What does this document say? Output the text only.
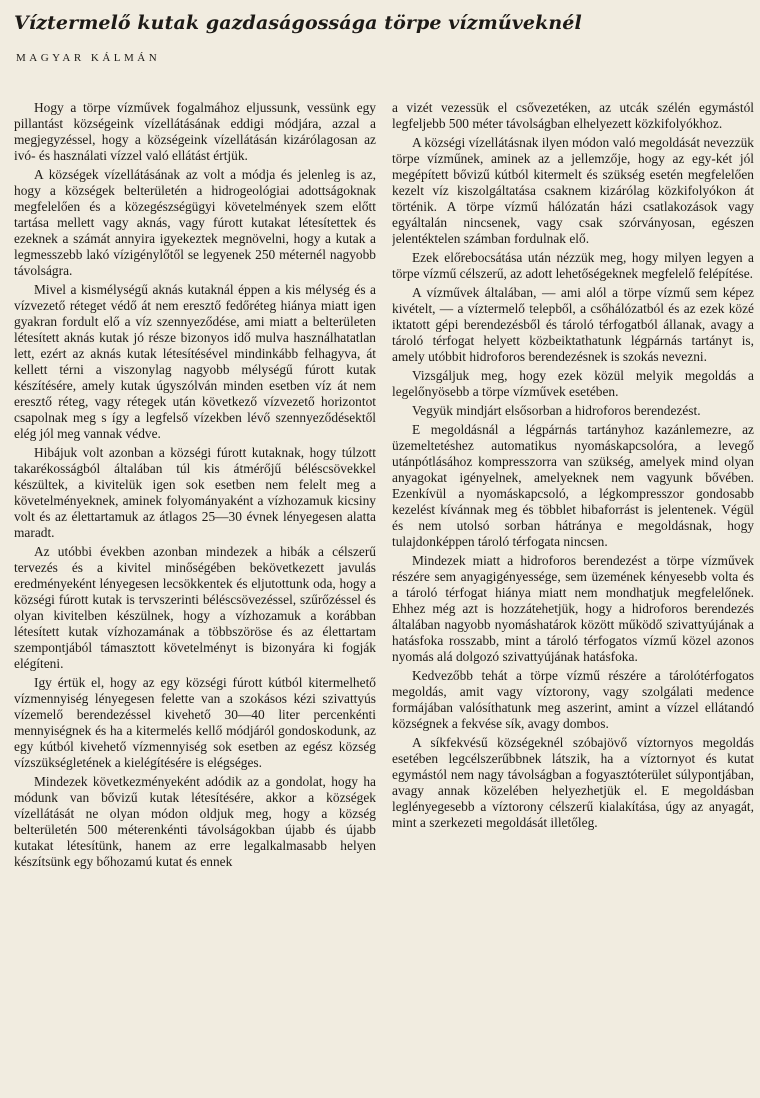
Víztermelő kutak gazdaságossága törpe vízműveknél
MAGYAR KÁLMÁN

Hogy a törpe vízművek fogalmához eljussunk, vessünk egy pillantást községeink vízellátásának eddigi módjára, azzal a megjegyzéssel, hogy a községeink vízellátásán kizárólagosan az ivó- és használati vízzel való ellátást értjük.

A községek vízellátásának az volt a módja és jelenleg is az, hogy a községek belterületén a hidrogeológiai adottságoknak megfelelően és a közegészségügyi követelmények szem előtt tartása mellett vagy aknás, vagy fúrott kutakat létesítettek és ezeknek a számát annyira igyekeztek megnövelni, hogy a kutak a legmesszebb lakó vízigénylőtől se legyenek 250 méternél nagyobb távolságra.

Mivel a kismélységű aknás kutaknál éppen a kis mélység és a vízvezető réteget védő át nem eresztő fedőréteg hiánya miatt igen gyakran fordult elő a víz szennyeződése, ami miatt a belterületen létesített aknás kutak jó része bizonyos idő mulva használhatatlan lett, ezért az aknás kutak létesítésével mindinkább felhagyva, át kellett térni a viszonylag nagyobb mélységű fúrott kutak készítésére, amely kutak úgyszólván minden esetben víz át nem eresztő réteg, vagy rétegek után következő vízvezető horizontot csapolnak meg s így a legfelső vízekben lévő szennyeződésektől elég jól meg vannak védve.

Hibájuk volt azonban a községi fúrott kutaknak, hogy túlzott takarékosságból általában túl kis átmérőjű béléscsövekkel készültek, a kivitelük igen sok esetben nem felelt meg a követelményeknek, aminek folyományaként a vízhozamuk kicsiny volt és az élettartamuk az átlagos 25—30 évnek lényegesen alatta maradt.

Az utóbbi években azonban mindezek a hibák a célszerű tervezés és a kivitel minőségében bekövetkezett javulás eredményeként lényegesen lecsökkentek és eljutottunk oda, hogy a községi fúrott kutak is tervszerinti béléscsövezéssel, szűrőzéssel és olyan kivitelben készülnek, hogy a vízhozamuk a korábban létesített kutak vízhozamának a többszöröse és az élettartam szempontjából támasztott követelményt is bizonyára ki fogják elégíteni.

Igy értük el, hogy az egy községi fúrott kútból kitermelhető vízmennyiség lényegesen felette van a szokásos kézi szivattyús vízemelő berendezéssel kivehető 30—40 liter percenkénti mennyiségnek és ha a kitermelés kellő módjáról gondoskodunk, az egy kútból kivehető vízmennyiség sok esetben az egész község vízszükségletének a kielégítésére is elégséges.

Mindezek következményeként adódik az a gondolat, hogy ha módunk van bővizű kutak létesítésére, akkor a községek vízellátását ne olyan módon oldjuk meg, hogy a község belterületén 500 méterenkénti távolságokban újabb és újabb kutakat létesítünk, hanem az erre legalkalmasabb helyen készítsünk egy bőhozamú kutat és ennek

a vizét vezessük el csővezetéken, az utcák szélén egymástól legfeljebb 500 méter távolságban elhelyezett közkifolyókhoz.

A községi vízellátásnak ilyen módon való megoldását nevezzük törpe vízműnek, aminek az a jellemzője, hogy az egy-két jól megépített bővizű kútból kitermelt és szükség esetén megfelelően kezelt víz kiszolgáltatása csaknem kizárólag közkifolyókon át történik. A törpe vízmű hálózatán házi csatlakozások vagy egyáltalán nincsenek, vagy csak szórványosan, egészen jelentéktelen számban fordulnak elő.

Ezek előrebocsátása után nézzük meg, hogy milyen legyen a törpe vízmű célszerű, az adott lehetőségeknek megfelelő felépítése.

A vízművek általában, — ami alól a törpe vízmű sem képez kivételt, — a víztermelő telepből, a csőhálózatból és az ezek közé iktatott gépi berendezésből és tároló térfogatból állanak, avagy a tároló térfogat helyett közbeiktathatunk légpárnás tartányt is, amely utóbbit hidroforos berendezésnek is szokás nevezni.

Vizsgáljuk meg, hogy ezek közül melyik megoldás a legelőnyösebb a törpe vízművek esetében.

Vegyük mindjárt elsősorban a hidroforos berendezést.

E megoldásnál a légpárnás tartányhoz kazánlemezre, az üzemeltetéshez automatikus nyomáskapcsolóra, a levegő utánpótlásához kompresszorra van szükség, amelyek mind olyan anyagokat igényelnek, amelyeknek nem vagyunk bővében. Ezenkívül a nyomáskapcsoló, a légkompresszor gondosabb kezelést kívánnak meg és többlet hibaforrást is jelentenek. Végül és nem utolsó sorban hátránya e megoldásnak, hogy tulajdonképpen tároló térfogata nincsen.

Mindezek miatt a hidroforos berendezést a törpe vízművek részére sem anyagigényessége, sem üzemének kényesebb volta és a tároló térfogat hiánya miatt nem mondhatjuk megfelelőnek. Ehhez még azt is hozzátehetjük, hogy a hidroforos berendezés általában nagyobb nyomáshatárok között működő szivattyújának a hatásfoka rosszabb, mint a tároló térfogatos vízmű közel azonos nyomás alá dolgozó szivattyújának hatásfoka.

Kedvezőbb tehát a törpe vízmű részére a tárolótérfogatos megoldás, amit vagy víztorony, vagy szolgálati medence formájában valósíthatunk meg aszerint, amint a vízzel ellátandó községnek a fekvése sík, avagy dombos.

A síkfekvésű községeknél szóbajövő víztornyos megoldás esetében legcélszerűbbnek látszik, ha a víztornyot és kutat egymástól nem nagy távolságban a fogyasztóterület súlypontjában, avagy annak közelében helyezhetjük el. E megoldásban leglényegesebb a víztorony célszerű kialakítása, úgy az anyagát, mint a szerkezeti megoldását illetőleg.
